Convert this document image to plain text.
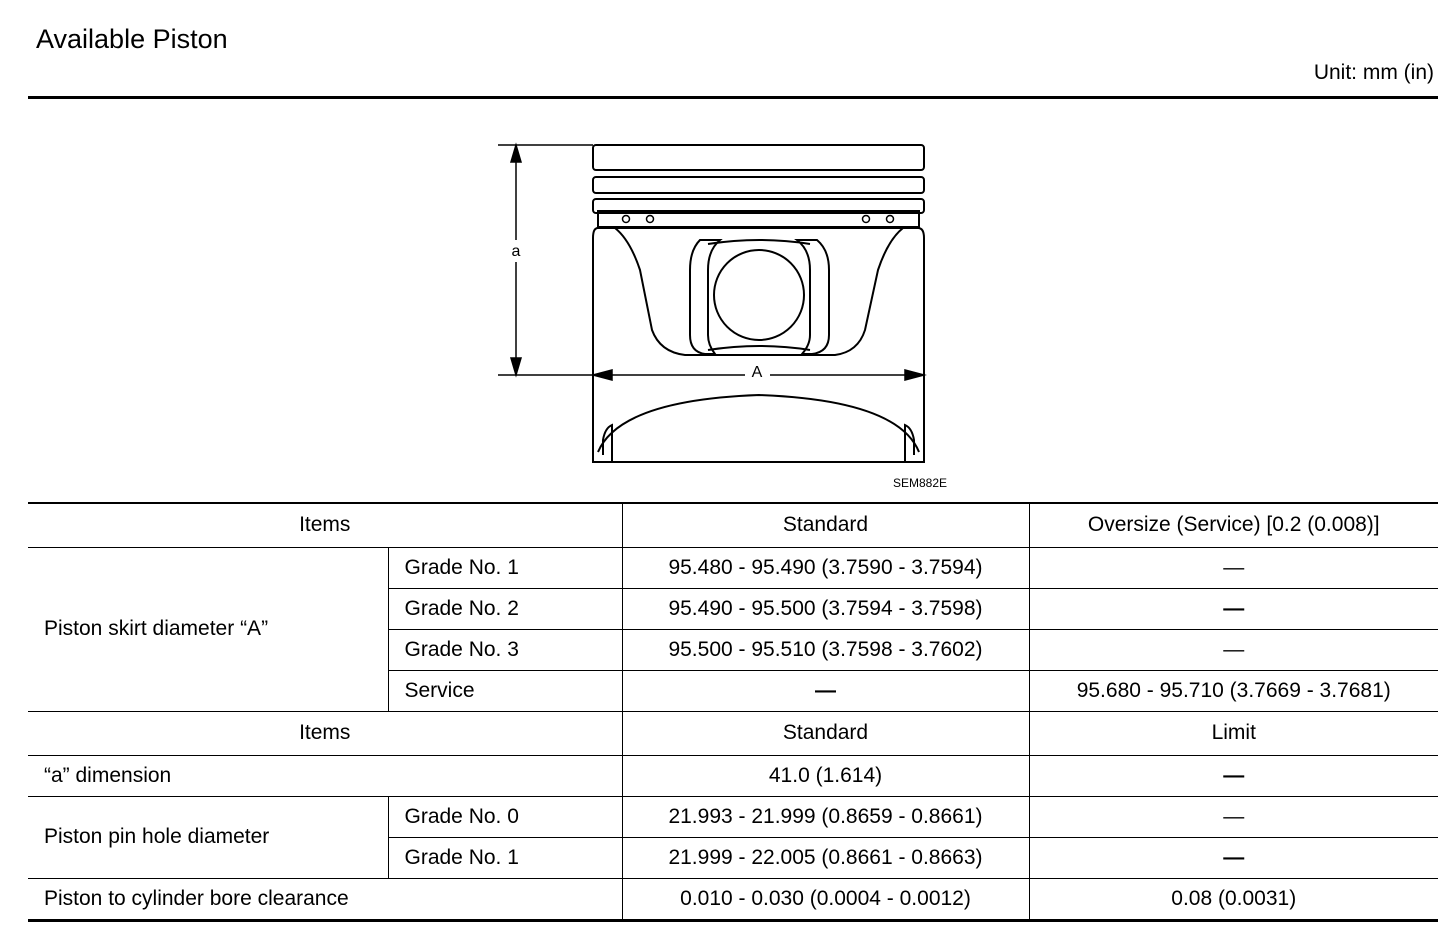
Available Piston
Unit: mm (in)
a
A
SEM882E
Items		Standard	Oversize (Service) [0.2 (0.008)]
Piston skirt diameter “A”	Grade No. 1	95.480 - 95.490 (3.7590 - 3.7594)	—
	Grade No. 2	95.490 - 95.500 (3.7594 - 3.7598)	—
	Grade No. 3	95.500 - 95.510 (3.7598 - 3.7602)	—
	Service	—	95.680 - 95.710 (3.7669 - 3.7681)
Items		Standard	Limit
“a” dimension		41.0 (1.614)	—
Piston pin hole diameter	Grade No. 0	21.993 - 21.999 (0.8659 - 0.8661)	—
	Grade No. 1	21.999 - 22.005 (0.8661 - 0.8663)	—
Piston to cylinder bore clearance		0.010 - 0.030 (0.0004 - 0.0012)	0.08 (0.0031)
